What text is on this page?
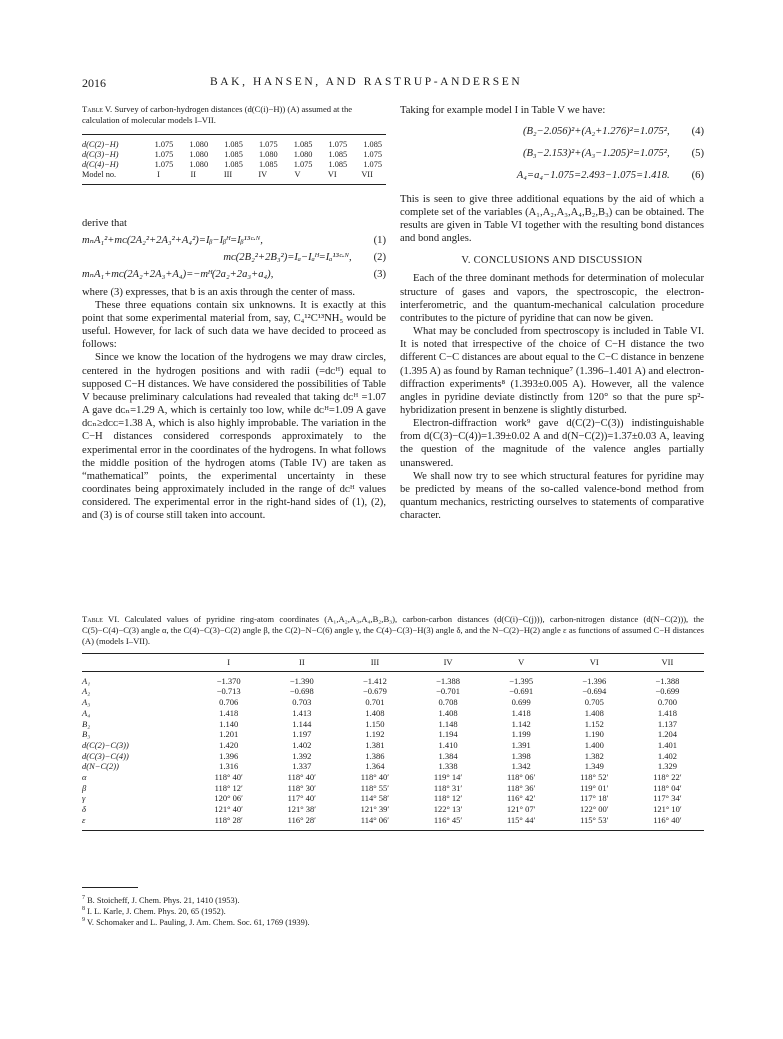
2016	BAK, HANSEN, AND RASTRUP-ANDERSEN
Table V. Survey of carbon-hydrogen distances (d(C(i)−H)) (A) assumed at the calculation of molecular models I–VII.
d(C(2)−H)	1.075	1.080	1.085	1.075	1.085	1.075	1.085
d(C(3)−H)	1.075	1.080	1.085	1.080	1.080	1.085	1.075
d(C(4)−H)	1.075	1.080	1.085	1.085	1.075	1.085	1.075
Model no.	I	II	III	IV	V	VI	VII

derive that

mₙA₁²+mᴄ(2A₂²+2A₃²+A₄²)=Iᵦ−Iᵦᴴ=Iᵦ¹³ᶜ·ᴺ,	(1)
mᴄ(2B₂²+2B₃²)=Iₐ−Iₐᴴ=Iₐ¹³ᶜ·ᴺ, (2)
mₙA₁+mᴄ(2A₂+2A₃+A₄)=−mᴴ(2a₂+2a₃+a₄),	(3)

where (3) expresses, that b is an axis through the center of mass.

These three equations contain six unknowns. It is exactly at this point that some experimental material from, say, C₄¹²C¹³NH₅ would be useful. However, for lack of such data we have decided to proceed as follows:

Since we know the location of the hydrogens we may draw circles, centered in the hydrogen positions and with radii (=dᴄᴴ) equal to supposed C−H distances. We have considered the possibilities of Table V because preliminary calculations had revealed that taking dᴄᴴ =1.07 A gave dᴄₙ=1.29 A, which is certainly too low, while dᴄᴴ=1.09 A gave dᴄₙ≥dᴄᴄ=1.38 A, which is also highly improbable. The variation in the C−H distances considered corresponds approximately to the experimental error in the coordinates of the hydrogens. In what follows the middle position of the hydrogen atoms (Table IV) are taken as “mathematical” points, the experimental uncertainty in these coordinates being approximately included in the range of dᴄᴴ values considered. The experimental error in the right-hand sides of (1), (2), and (3) is of course still taken into account.

Taking for example model I in Table V we have:

(B₂−2.056)²+(A₂+1.276)²=1.075², (4)
(B₃−2.153)²+(A₃−1.205)²=1.075², (5)
A₄=a₄−1.075=2.493−1.075=1.418. (6)

This is seen to give three additional equations by the aid of which a complete set of the variables (A₁,A₂,A₃,A₄,B₂,B₃) can be obtained. The results are given in Table VI together with the resulting bond distances and bond angles.

V. CONCLUSIONS AND DISCUSSION

Each of the three dominant methods for determination of molecular structure of gases and vapors, the spectroscopic, the electron-interferometric, and the quantum-mechanical calculation procedure contributes to the picture of pyridine that can now be given.

What may be concluded from spectroscopy is included in Table VI. It is noted that irrespective of the choice of C−H distance the two different C−C distances are about equal to the C−C distance in benzene (1.395 A) as found by Raman technique⁷ (1.396–1.401 A) and electron-diffraction experiments⁸ (1.393±0.005 A). However, all the valence angles in pyridine deviate distinctly from 120° so that the pure sp²-hybridization present in benzene is slightly disturbed.

Electron-diffraction work⁹ gave d(C(2)−C(3)) indistinguishable from d(C(3)−C(4))=1.39±0.02 A and d(N−C(2))=1.37±0.03 A, leaving the question of the magnitude of the valence angles partially unanswered.

We shall now try to see which structural features for pyridine may be predicted by means of the so-called valence-bond method from quantum mechanics, restricting ourselves to statements of comparative character.

Table VI. Calculated values of pyridine ring-atom coordinates (A₁,A₂,A₃,A₄,B₂,B₃), carbon-carbon distances (d(C(i)−C(j))), carbon-nitrogen distance (d(N−C(2))), the C(5)−C(4)−C(3) angle α, the C(4)−C(3)−C(2) angle β, the C(2)−N−C(6) angle γ, the C(4)−C(3)−H(3) angle δ, and the N−C(2)−H(2) angle ε as functions of assumed C−H distances (A) (models I–VII).
	I	II	III	IV	V	VI	VII
A₁	−1.370	−1.390	−1.412	−1.388	−1.395	−1.396	−1.388
A₂	−0.713	−0.698	−0.679	−0.701	−0.691	−0.694	−0.699
A₃	0.706	0.703	0.701	0.708	0.699	0.705	0.700
A₄	1.418	1.413	1.408	1.408	1.418	1.408	1.418
B₂	1.140	1.144	1.150	1.148	1.142	1.152	1.137
B₃	1.201	1.197	1.192	1.194	1.199	1.190	1.204
d(C(2)−C(3))	1.420	1.402	1.381	1.410	1.391	1.400	1.401
d(C(3)−C(4))	1.396	1.392	1.386	1.384	1.398	1.382	1.402
d(N−C(2))	1.316	1.337	1.364	1.338	1.342	1.349	1.329
α	118° 40′	118° 40′	118° 40′	119° 14′	118° 06′	118° 52′	118° 22′
β	118° 12′	118° 30′	118° 55′	118° 31′	118° 36′	119° 01′	118° 04′
γ	120° 06′	117° 40′	114° 58′	118° 12′	116° 42′	117° 18′	117° 34′
δ	121° 40′	121° 38′	121° 39′	122° 13′	121° 07′	122° 00′	121° 10′
ε	118° 28′	116° 28′	114° 06′	116° 45′	115° 44′	115° 53′	116° 40′
$^7$ B. Stoicheff, J. Chem. Phys. 21, 1410 (1953).
$^8$ I. L. Karle, J. Chem. Phys. 20, 65 (1952).
$^9$ V. Schomaker and L. Pauling, J. Am. Chem. Soc. 61, 1769 (1939).
